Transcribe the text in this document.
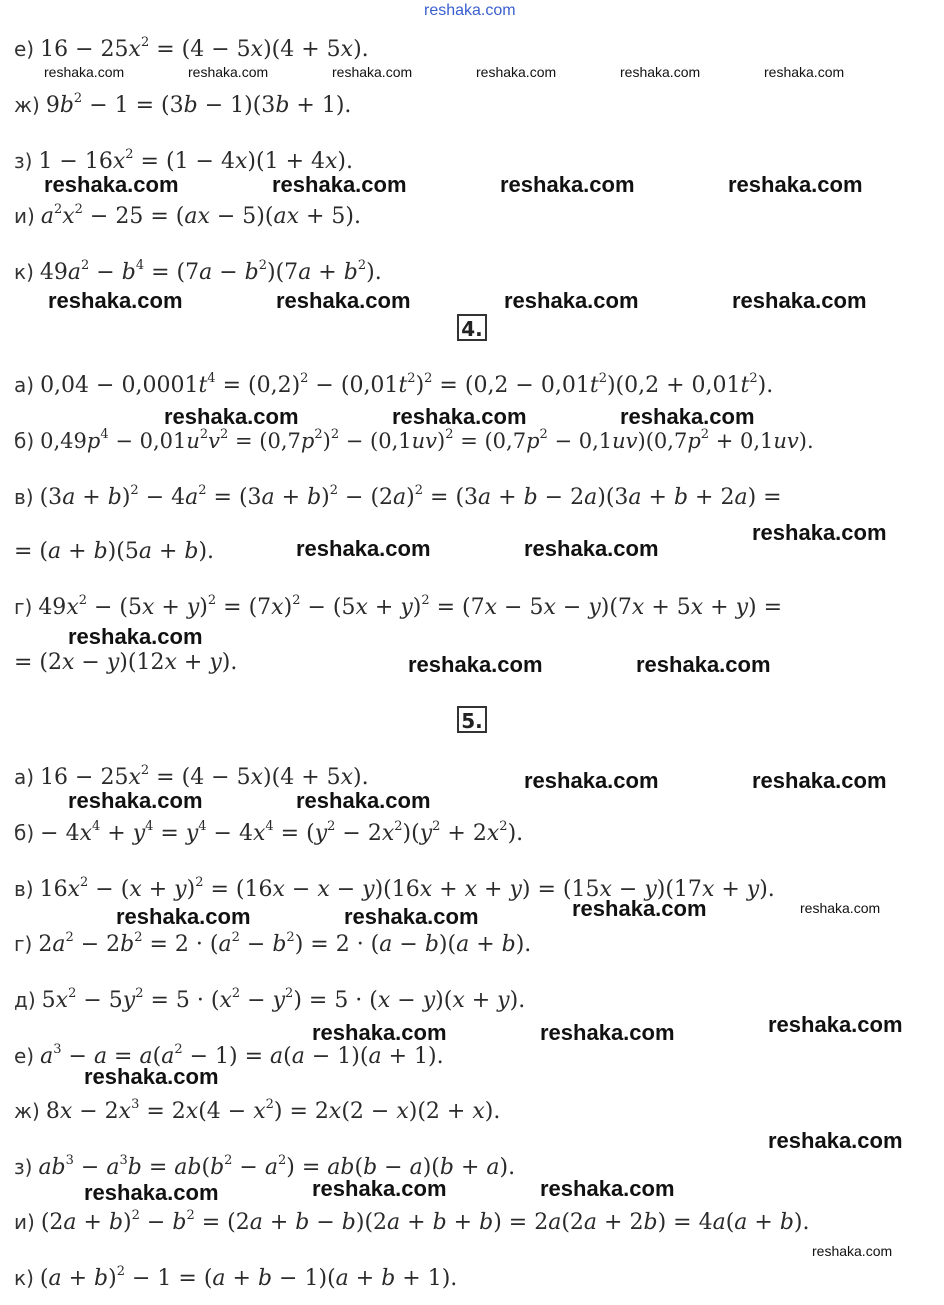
reshaka.com
е) $16 - 25x^2 = (4 - 5x)(4 + 5x)$.
ж) $9b^2 - 1 = (3b - 1)(3b + 1)$.
з) $1 - 16x^2 = (1 - 4x)(1 + 4x)$.
и) $a^2x^2 - 25 = (ax - 5)(ax + 5)$.
к) $49a^2 - b^4 = (7a - b^2)(7a + b^2)$.
4.
а) $0,04 - 0,0001t^4 = (0,2)^2 - (0,01t^2)^2 = (0,2 - 0,01t^2)(0,2 + 0,01t^2)$.
б) $0,49p^4 - 0,01u^2v^2 = (0,7p^2)^2 - (0,1uv)^2 = (0,7p^2 - 0,1uv)(0,7p^2 + 0,1uv)$.
в) $(3a + b)^2 - 4a^2 = (3a + b)^2 - (2a)^2 = (3a + b - 2a)(3a + b + 2a)$ =
= (a + b)(5a + b).
г) $49x^2 - (5x + y)^2 = (7x)^2 - (5x + y)^2 = (7x - 5x - y)(7x + 5x + y)$ =
= (2x − y)(12x + y).
5.
а) $16 - 25x^2 = (4 - 5x)(4 + 5x)$.
$б) - 4x^4 + y^4 = y^4 - 4x^4 = (y^2 - 2x^2)(y^2 + 2x^2)$.
в) $16x^2 - (x + y)^2 = (16x - x - y)(16x + x + y) = (15x - y)(17x + y)$.
г) $2a^2 - 2b^2 = 2 \cdot (a^2 - b^2) = 2 \cdot (a - b)(a + b)$.
д) $5x^2 - 5y^2 = 5 \cdot (x^2 - y^2) = 5 \cdot (x - y)(x + y)$.
е) $a^3 - a = a(a^2 - 1) = a(a - 1)(a + 1)$.
ж) $8x - 2x^3 = 2x(4 - x^2) = 2x(2 - x)(2 + x)$.
з) $ab^3 - a^3b = ab(b^2 - a^2) = ab(b - a)(b + a)$.
и) $(2a + b)^2 - b^2 = (2a + b - b)(2a + b + b) = 2a(2a + 2b) = 4a(a + b)$.
к) $(a + b)^2 - 1 = (a + b - 1)(a + b + 1)$.
reshaka.com	reshaka.com	reshaka.com	reshaka.com	reshaka.com	reshaka.com
reshaka.com
reshaka.com
reshaka.com	reshaka.com	reshaka.com	reshaka.com
reshaka.com	reshaka.com	reshaka.com	reshaka.com
reshaka.com	reshaka.com	reshaka.com
reshaka.com
reshaka.com	reshaka.com
reshaka.com
reshaka.com	reshaka.com
reshaka.com	reshaka.com
reshaka.com	reshaka.com
reshaka.com
reshaka.com	reshaka.com
reshaka.com
reshaka.com	reshaka.com
reshaka.com
reshaka.com
reshaka.com	reshaka.com
reshaka.com
